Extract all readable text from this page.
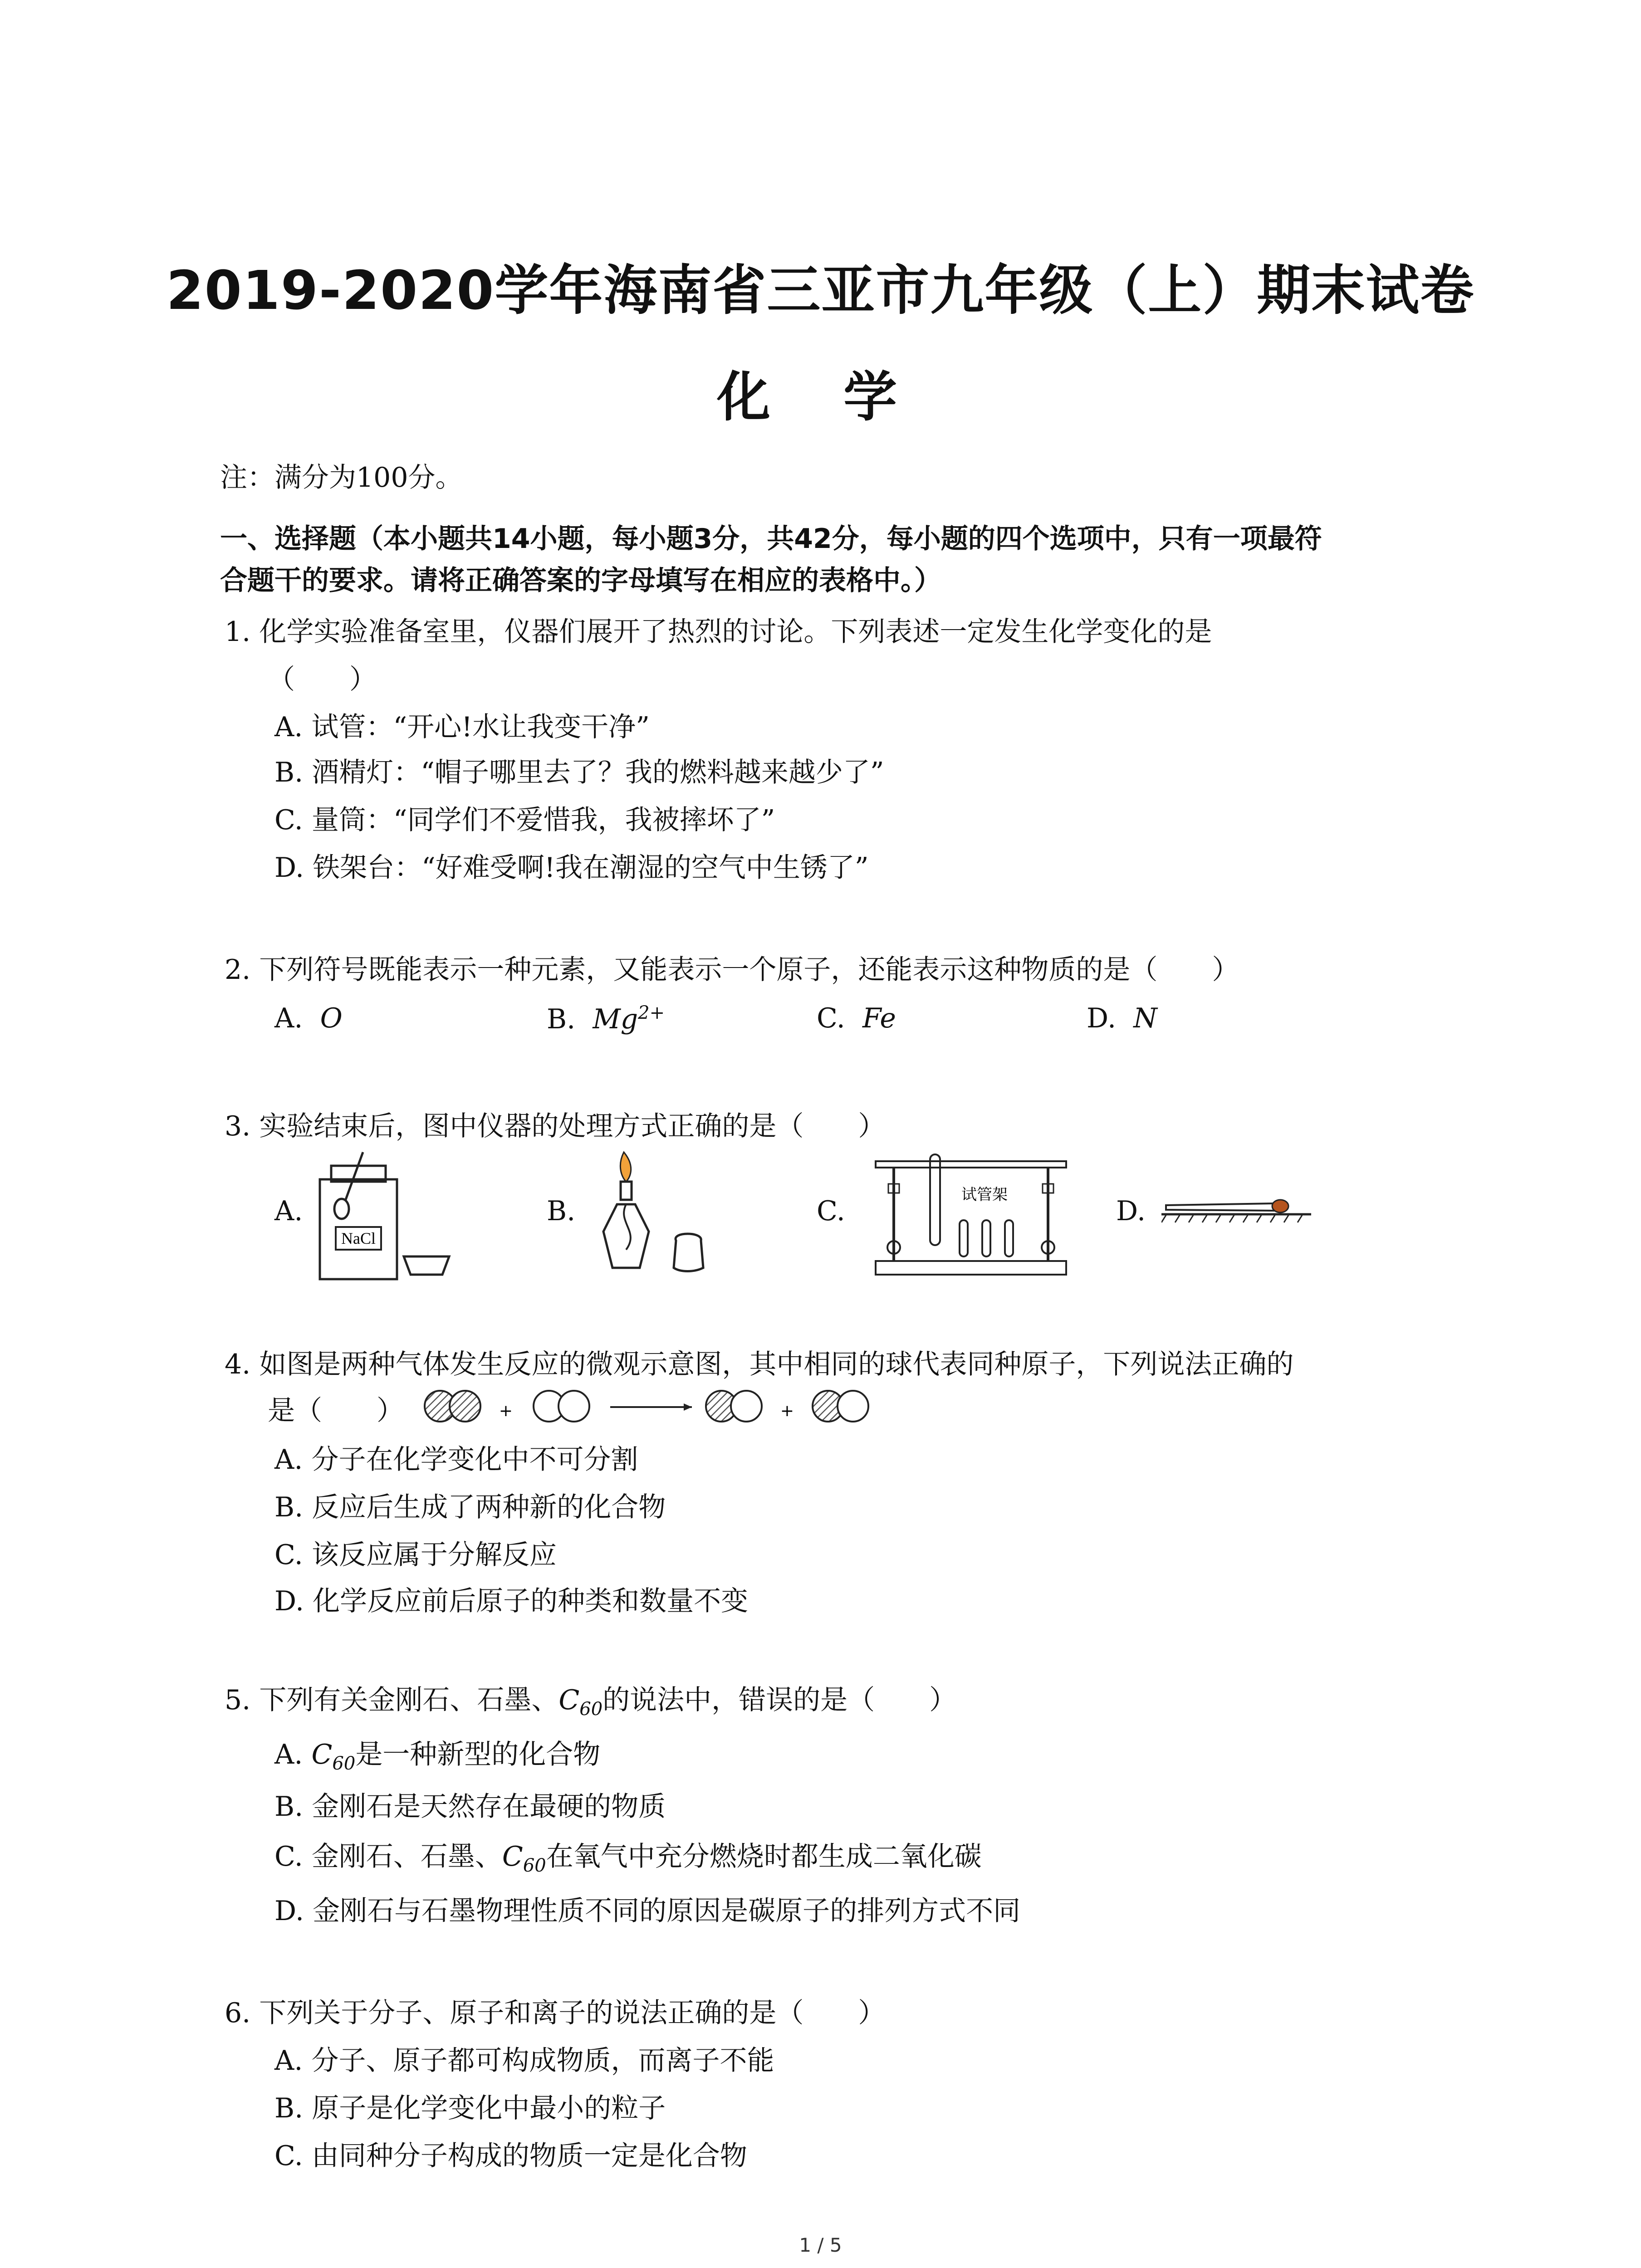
2019-2020学年海南省三亚市九年级（上）期末试卷
化 学
注：满分为100分。
一、选择题（本小题共14小题，每小题3分，共42分，每小题的四个选项中，只有一项最符
合题干的要求。请将正确答案的字母填写在相应的表格中。）
1. 化学实验准备室里，仪器们展开了热烈的讨论。下列表述一定发生化学变化的是
（　　）
A. 试管：“开心!水让我变干净”
B. 酒精灯：“帽子哪里去了？我的燃料越来越少了”
C. 量筒：“同学们不爱惜我，我被摔坏了”
D. 铁架台：“好难受啊!我在潮湿的空气中生锈了”
2. 下列符号既能表示一种元素，又能表示一个原子，还能表示这种物质的是（　　）
A. O	B. $Mg^{2+}$	C. Fe	D. N
3. 实验结束后，图中仪器的处理方式正确的是（　　）
A.	B.	C.	D.
NaCl
试管架
4. 如图是两种气体发生反应的微观示意图，其中相同的球代表同种原子，下列说法正确的
是（　　）	+	+
A. 分子在化学变化中不可分割
B. 反应后生成了两种新的化合物
C. 该反应属于分解反应
D. 化学反应前后原子的种类和数量不变
5. 下列有关金刚石、石墨、$C_{60}$的说法中，错误的是（　　）
A. $C_{60}$是一种新型的化合物
B. 金刚石是天然存在最硬的物质
C. 金刚石、石墨、$C_{60}$在氧气中充分燃烧时都生成二氧化碳
D. 金刚石与石墨物理性质不同的原因是碳原子的排列方式不同
6. 下列关于分子、原子和离子的说法正确的是（　　）
A. 分子、原子都可构成物质，而离子不能
B. 原子是化学变化中最小的粒子
C. 由同种分子构成的物质一定是化合物
1 / 5
